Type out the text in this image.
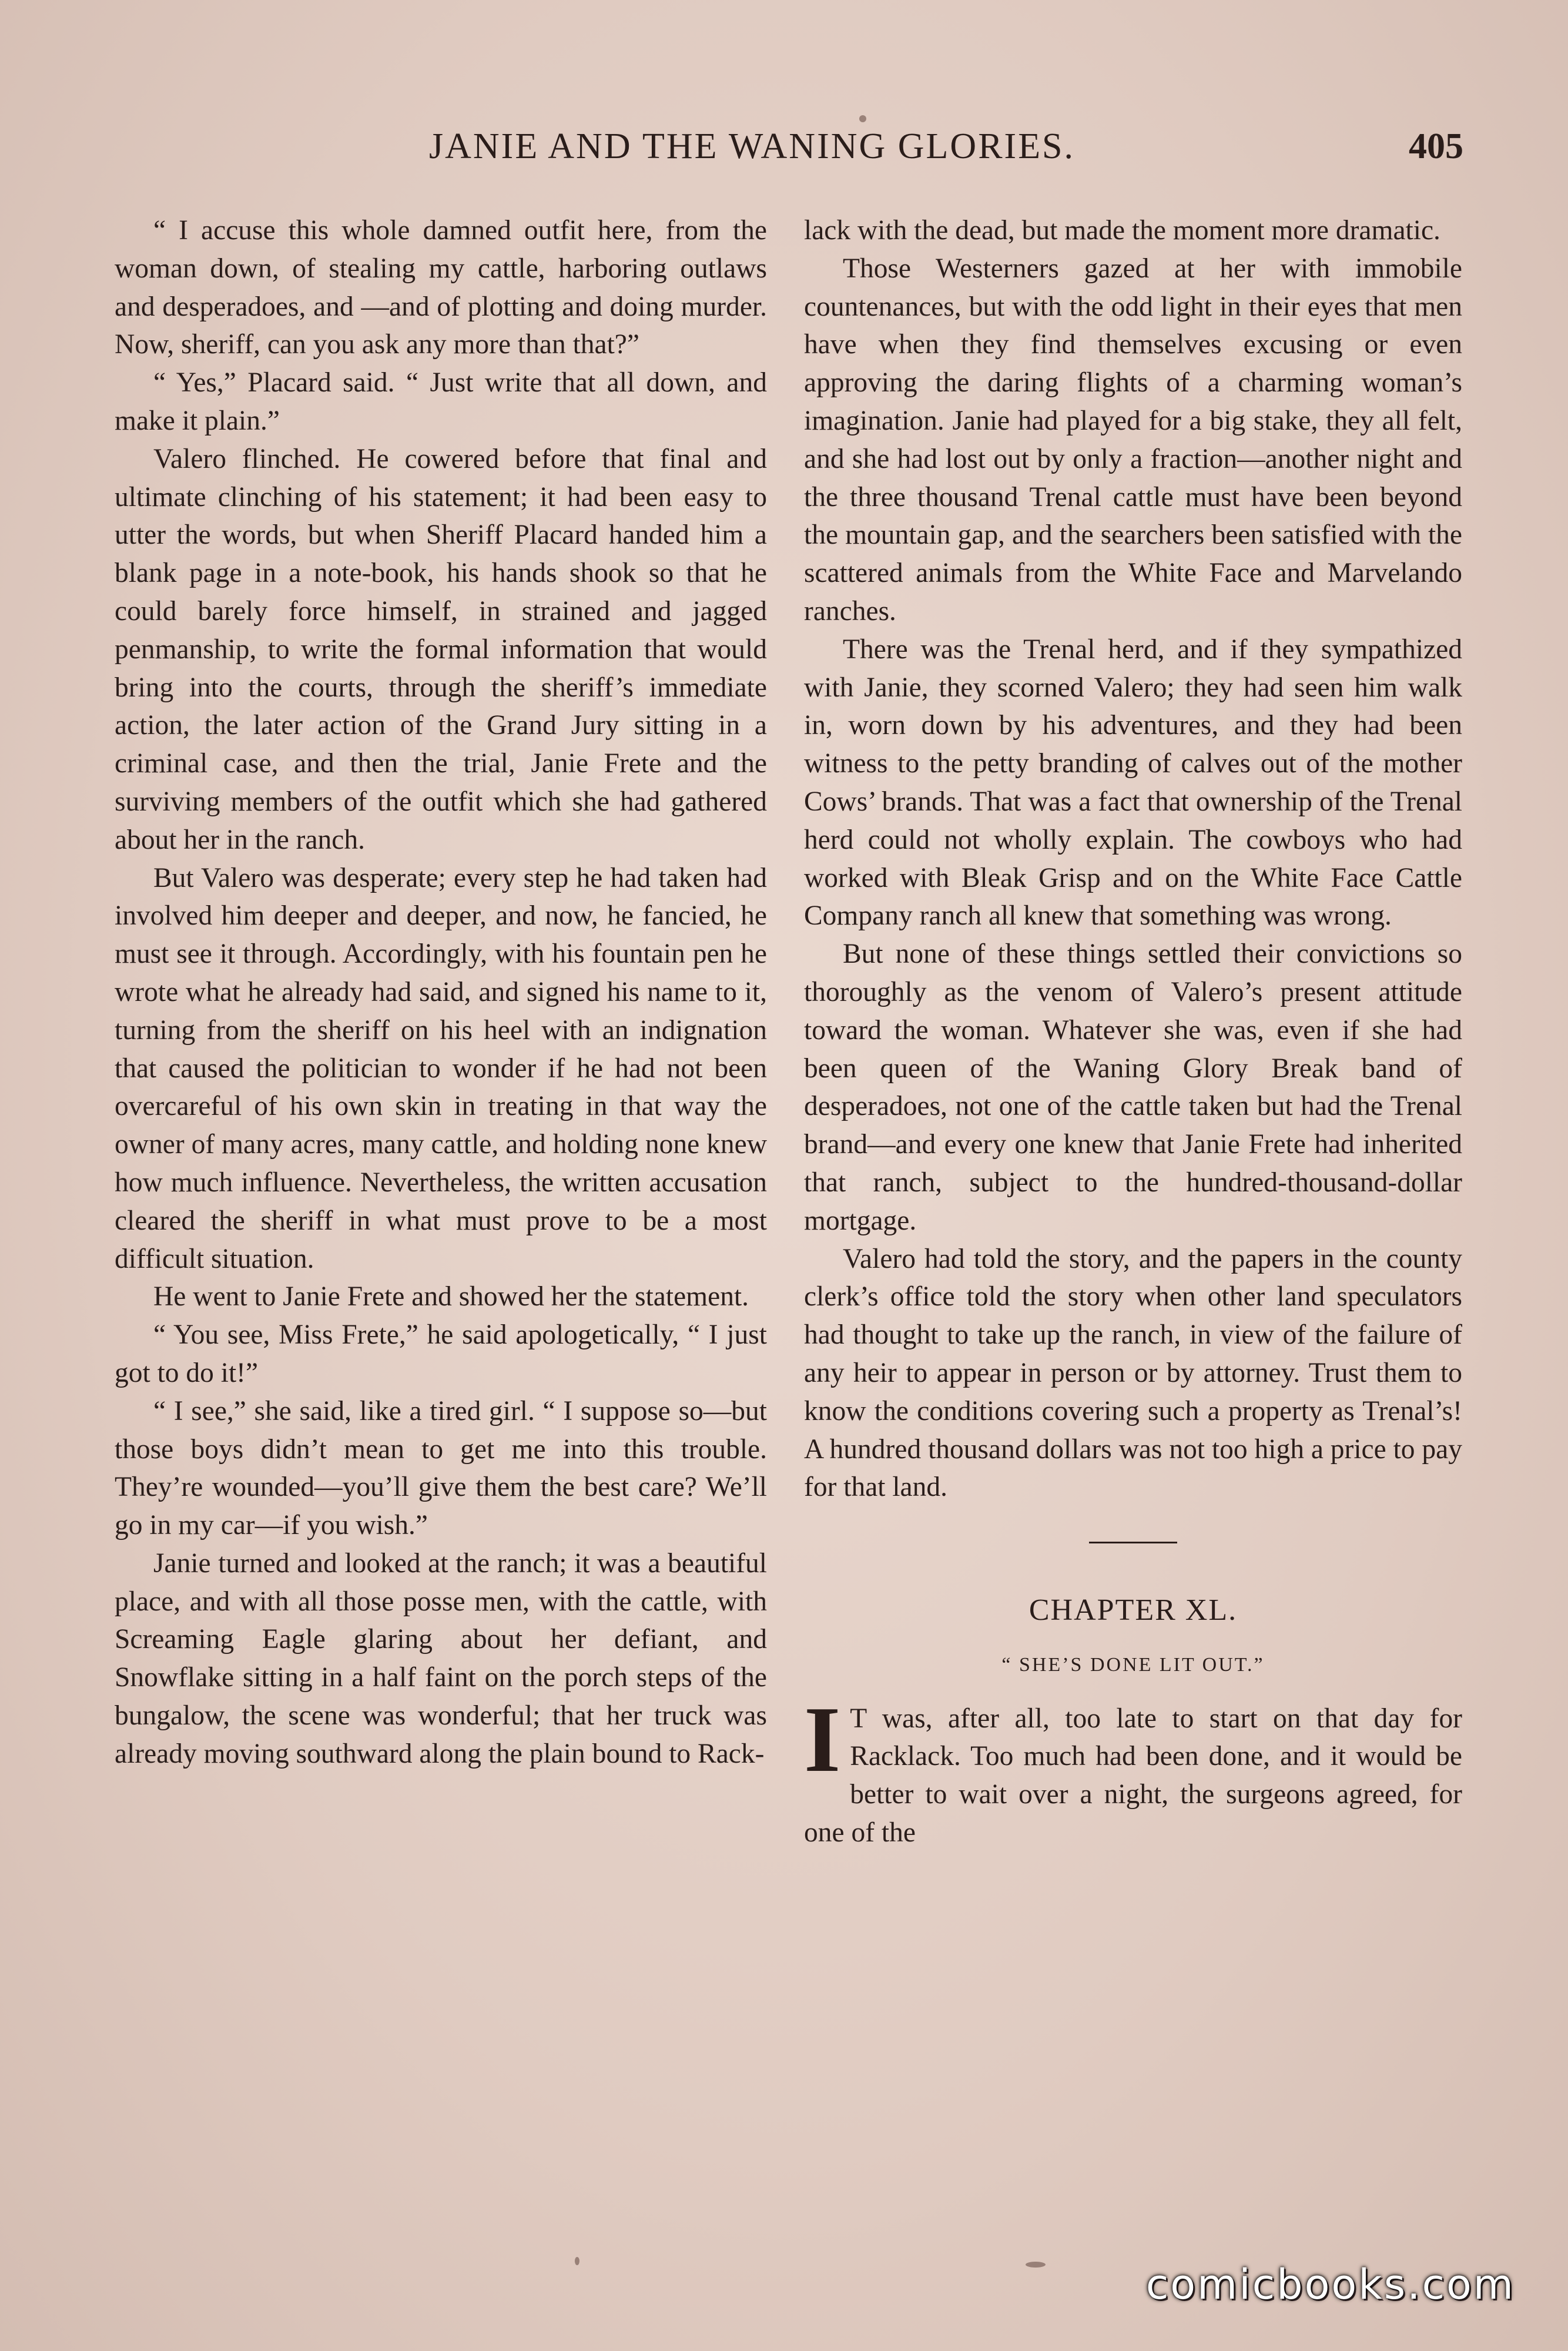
JANIE AND THE WANING GLORIES.	405

“ I accuse this whole damned outfit here, from the woman down, of stealing my cattle, harboring outlaws and desperadoes, and —and of plotting and doing murder. Now, sheriff, can you ask any more than that?”

“ Yes,” Placard said. “ Just write that all down, and make it plain.”

Valero flinched. He cowered before that final and ultimate clinching of his statement; it had been easy to utter the words, but when Sheriff Placard handed him a blank page in a note-book, his hands shook so that he could barely force himself, in strained and jagged penmanship, to write the formal information that would bring into the courts, through the sheriff’s immediate action, the later action of the Grand Jury sitting in a criminal case, and then the trial, Janie Frete and the surviving members of the outfit which she had gathered about her in the ranch.

But Valero was desperate; every step he had taken had involved him deeper and deeper, and now, he fancied, he must see it through. Accordingly, with his fountain pen he wrote what he already had said, and signed his name to it, turning from the sheriff on his heel with an indignation that caused the politician to wonder if he had not been overcareful of his own skin in treating in that way the owner of many acres, many cattle, and holding none knew how much influence. Nevertheless, the written accusation cleared the sheriff in what must prove to be a most difficult situation.

He went to Janie Frete and showed her the statement.

“ You see, Miss Frete,” he said apologetically, “ I just got to do it!”

“ I see,” she said, like a tired girl. “ I suppose so—but those boys didn’t mean to get me into this trouble. They’re wounded—you’ll give them the best care? We’ll go in my car—if you wish.”

Janie turned and looked at the ranch; it was a beautiful place, and with all those posse men, with the cattle, with Screaming Eagle glaring about her defiant, and Snowflake sitting in a half faint on the porch steps of the bungalow, the scene was wonderful; that her truck was already moving southward along the plain bound to Rack-

lack with the dead, but made the moment more dramatic.

Those Westerners gazed at her with immobile countenances, but with the odd light in their eyes that men have when they find themselves excusing or even approving the daring flights of a charming woman’s imagination. Janie had played for a big stake, they all felt, and she had lost out by only a fraction—another night and the three thousand Trenal cattle must have been beyond the mountain gap, and the searchers been satisfied with the scattered animals from the White Face and Marvelando ranches.

There was the Trenal herd, and if they sympathized with Janie, they scorned Valero; they had seen him walk in, worn down by his adventures, and they had been witness to the petty branding of calves out of the mother Cows’ brands. That was a fact that ownership of the Trenal herd could not wholly explain. The cowboys who had worked with Bleak Grisp and on the White Face Cattle Company ranch all knew that something was wrong.

But none of these things settled their convictions so thoroughly as the venom of Valero’s present attitude toward the woman. Whatever she was, even if she had been queen of the Waning Glory Break band of desperadoes, not one of the cattle taken but had the Trenal brand—and every one knew that Janie Frete had inherited that ranch, subject to the hundred-thousand-dollar mortgage.

Valero had told the story, and the papers in the county clerk’s office told the story when other land speculators had thought to take up the ranch, in view of the failure of any heir to appear in person or by attorney. Trust them to know the conditions covering such a property as Trenal’s! A hundred thousand dollars was not too high a price to pay for that land.

CHAPTER XL.
“ SHE’S DONE LIT OUT.”

I T was, after all, too late to start on that day for Racklack. Too much had been done, and it would be better to wait over a night, the surgeons agreed, for one of the

comicbooks.com
